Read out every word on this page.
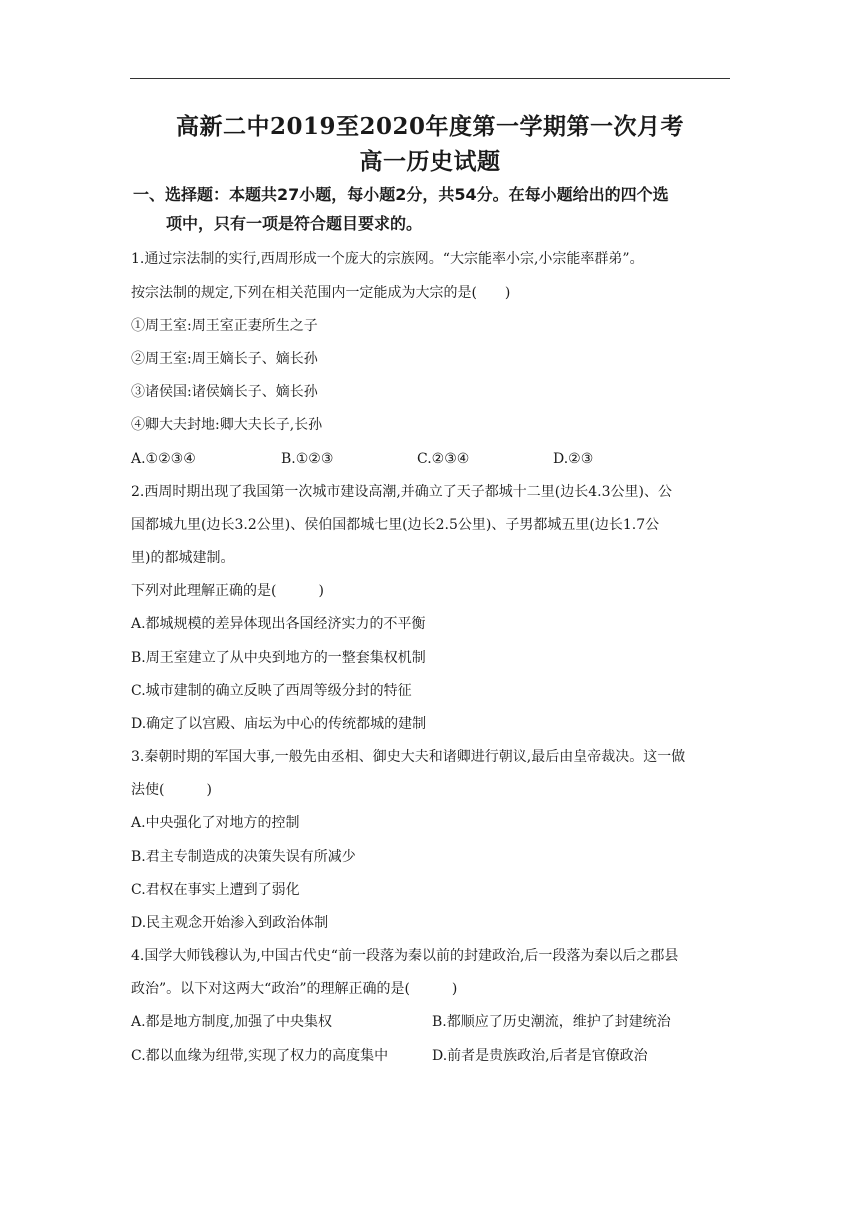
高新二中2019至2020年度第一学期第一次月考
高一历史试题
一、选择题：本题共27小题，每小题2分，共54分。在每小题给出的四个选
项中，只有一项是符合题目要求的。
1.通过宗法制的实行,西周形成一个庞大的宗族网。“大宗能率小宗,小宗能率群弟”。
按宗法制的规定,下列在相关范围内一定能成为大宗的是(　　)
①周王室:周王室正妻所生之子
②周王室:周王嫡长子、嫡长孙
③诸侯国:诸侯嫡长子、嫡长孙
④卿大夫封地:卿大夫长子,长孙
A.①②③④	B.①②③	C.②③④	D.②③
2.西周时期出现了我国第一次城市建设高潮,并确立了天子都城十二里(边长4.3公里)、公
国都城九里(边长3.2公里)、侯伯国都城七里(边长2.5公里)、子男都城五里(边长1.7公
里)的都城建制。
下列对此理解正确的是(　　　)
A.都城规模的差异体现出各国经济实力的不平衡
B.周王室建立了从中央到地方的一整套集权机制
C.城市建制的确立反映了西周等级分封的特征
D.确定了以宫殿、庙坛为中心的传统都城的建制
3.秦朝时期的军国大事,一般先由丞相、御史大夫和诸卿进行朝议,最后由皇帝裁决。这一做
法使(　　　)
A.中央强化了对地方的控制
B.君主专制造成的决策失误有所减少
C.君权在事实上遭到了弱化
D.民主观念开始渗入到政治体制
4.国学大师钱穆认为,中国古代史“前一段落为秦以前的封建政治,后一段落为秦以后之郡县
政治”。以下对这两大“政治”的理解正确的是(　　　)
A.都是地方制度,加强了中央集权	B.都顺应了历史潮流，维护了封建统治
C.都以血缘为纽带,实现了权力的高度集中	D.前者是贵族政治,后者是官僚政治
